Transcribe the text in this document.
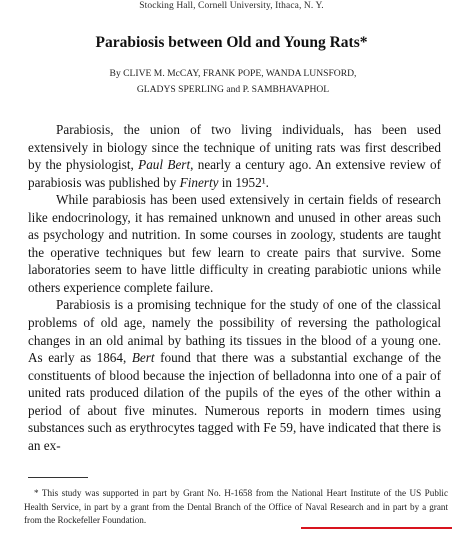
Stocking Hall, Cornell University, Ithaca, N. Y.
Parabiosis between Old and Young Rats*
By CLIVE M. McCAY, FRANK POPE, WANDA LUNSFORD,
GLADYS SPERLING and P. SAMBHAVAPHOL

Parabiosis, the union of two living individuals, has been used extensively in biology since the technique of uniting rats was first described by the physiologist, Paul Bert, nearly a century ago. An extensive review of parabiosis was published by Finerty in 1952¹.

While parabiosis has been used extensively in certain fields of research like endocrinology, it has remained unknown and unused in other areas such as psychology and nutrition. In some courses in zoology, students are taught the operative techniques but few learn to create pairs that survive. Some laboratories seem to have little difficulty in creating parabiotic unions while others experience complete failure.

Parabiosis is a promising technique for the study of one of the classical problems of old age, namely the possibility of reversing the pathological changes in an old animal by bathing its tissues in the blood of a young one. As early as 1864, Bert found that there was a substantial exchange of the constituents of blood because the injection of belladonna into one of a pair of united rats produced dilation of the pupils of the eyes of the other within a period of about five minutes. Numerous reports in modern times using substances such as erythrocytes tagged with Fe 59, have indicated that there is an ex-

* This study was supported in part by Grant No. H-1658 from the National Heart Institute of the US Public Health Service, in part by a grant from the Dental Branch of the Office of Naval Research and in part by a grant from the Rockefeller Foundation.
